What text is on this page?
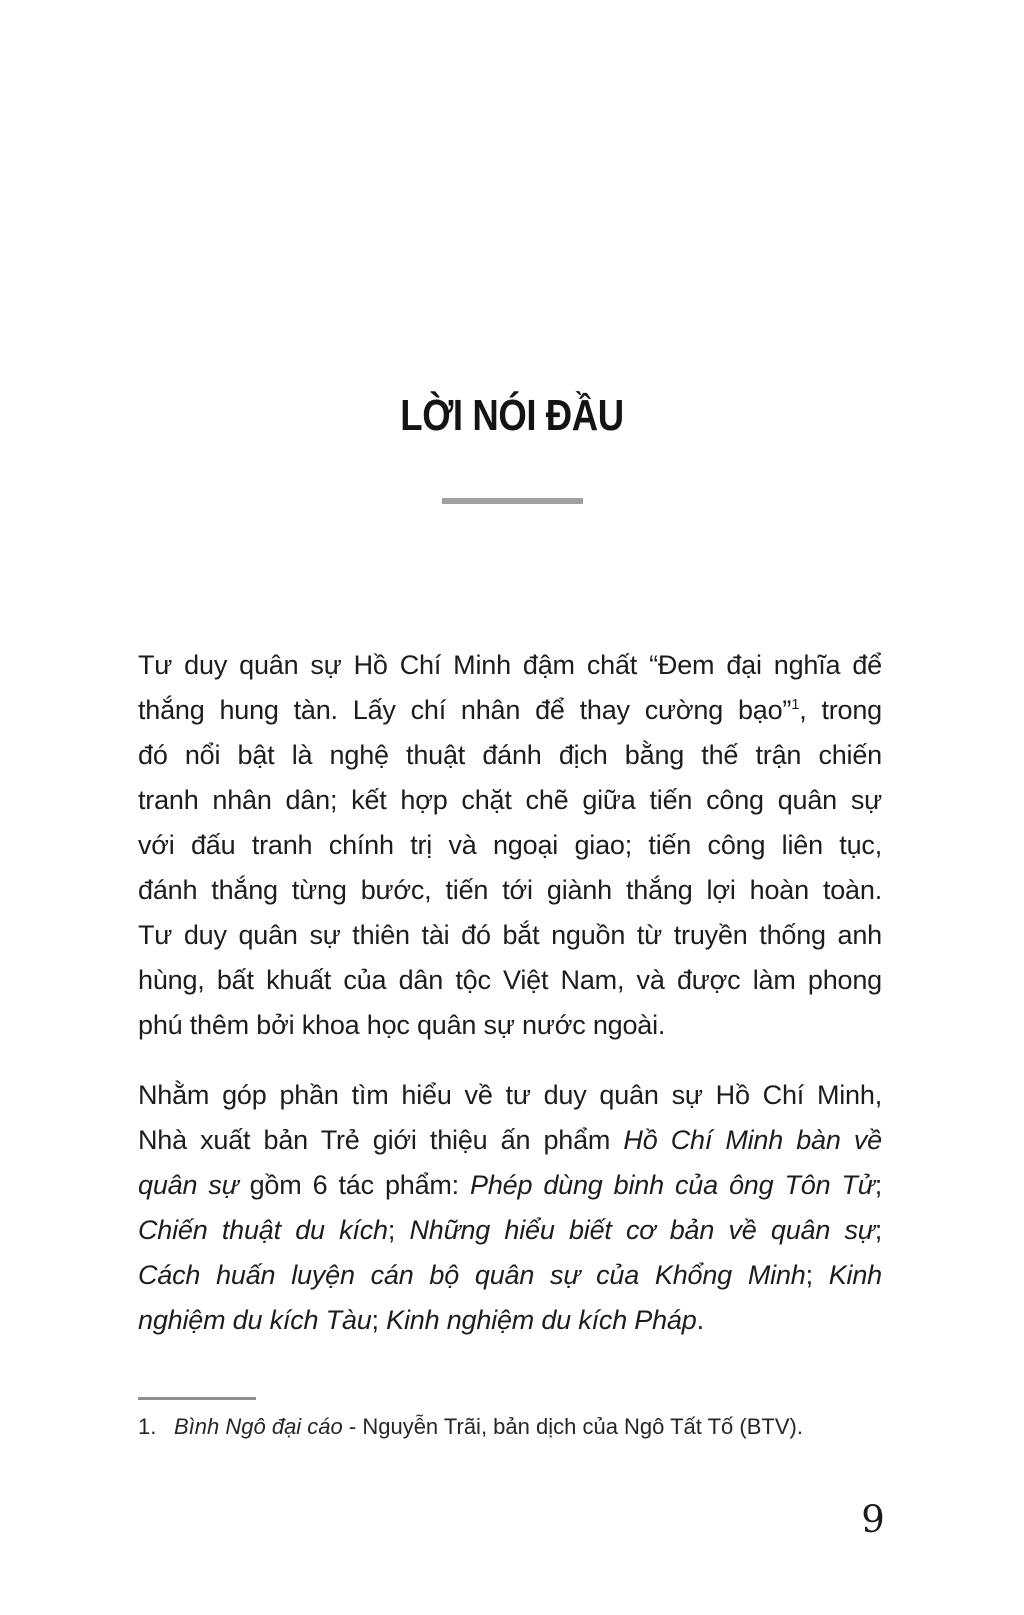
LỜI NÓI ĐẦU
Tư duy quân sự Hồ Chí Minh đậm chất “Đem đại nghĩa để
thắng hung tàn. Lấy chí nhân để thay cường bạo”$^1$, trong
đó nổi bật là nghệ thuật đánh địch bằng thế trận chiến
tranh nhân dân; kết hợp chặt chẽ giữa tiến công quân sự
với đấu tranh chính trị và ngoại giao; tiến công liên tục,
đánh thắng từng bước, tiến tới giành thắng lợi hoàn toàn.
Tư duy quân sự thiên tài đó bắt nguồn từ truyền thống anh
hùng, bất khuất của dân tộc Việt Nam, và được làm phong
phú thêm bởi khoa học quân sự nước ngoài.
Nhằm góp phần tìm hiểu về tư duy quân sự Hồ Chí Minh,
Nhà xuất bản Trẻ giới thiệu ấn phẩm Hồ Chí Minh bàn về
quân sự gồm 6 tác phẩm: Phép dùng binh của ông Tôn Tử;
Chiến thuật du kích; Những hiểu biết cơ bản về quân sự;
Cách huấn luyện cán bộ quân sự của Khổng Minh; Kinh
nghiệm du kích Tàu; Kinh nghiệm du kích Pháp.
1. Bình Ngô đại cáo - Nguyễn Trãi, bản dịch của Ngô Tất Tố (BTV).
9
